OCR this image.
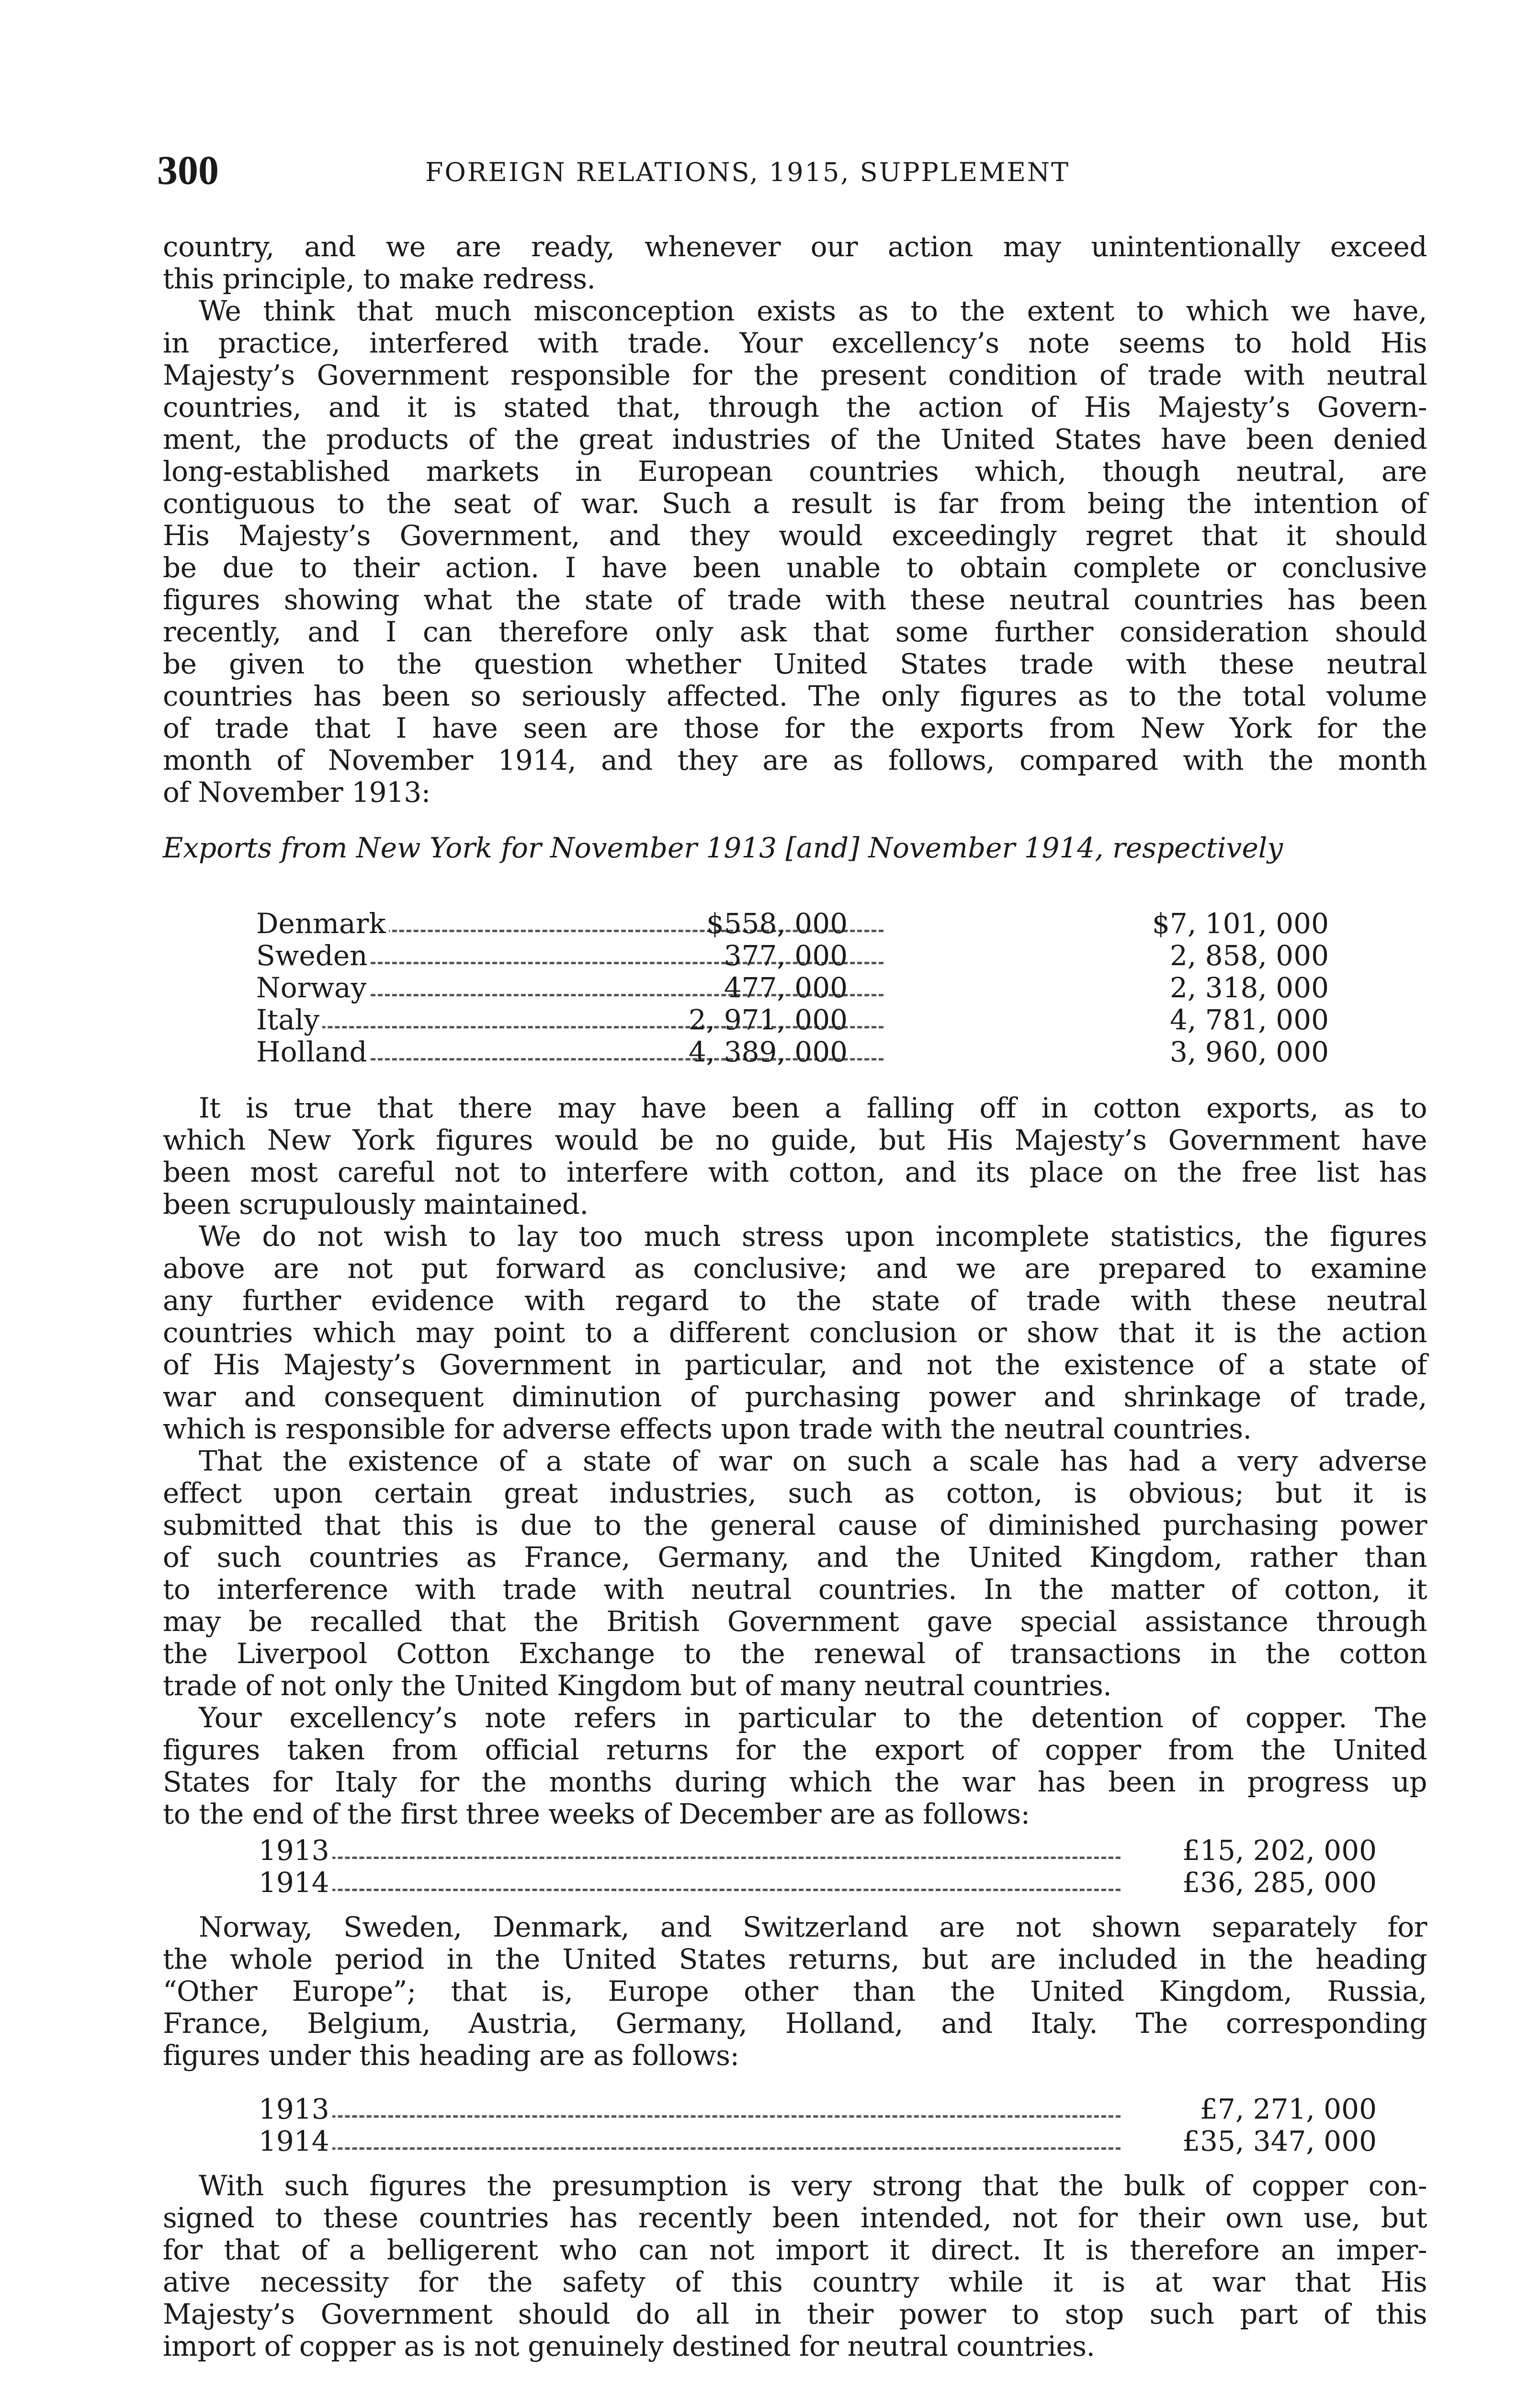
300	FOREIGN RELATIONS, 1915, SUPPLEMENT
country, and we are ready, whenever our action may unintentionally exceed
this principle, to make redress.
We think that much misconception exists as to the extent to which we have,
in practice, interfered with trade. Your excellency’s note seems to hold His
Majesty’s Government responsible for the present condition of trade with neutral
countries, and it is stated that, through the action of His Majesty’s Govern-
ment, the products of the great industries of the United States have been denied
long-established markets in European countries which, though neutral, are
contiguous to the seat of war. Such a result is far from being the intention of
His Majesty’s Government, and they would exceedingly regret that it should
be due to their action. I have been unable to obtain complete or conclusive
figures showing what the state of trade with these neutral countries has been
recently, and I can therefore only ask that some further consideration should
be given to the question whether United States trade with these neutral
countries has been so seriously affected. The only figures as to the total volume
of trade that I have seen are those for the exports from New York for the
month of November 1914, and they are as follows, compared with the month
of November 1913:
Exports from New York for November 1913 [and] November 1914, respectively
Denmark	$558, 000	$7, 101, 000
Sweden	377, 000	2, 858, 000
Norway	477, 000	2, 318, 000
Italy	2, 971, 000	4, 781, 000
Holland	4, 389, 000	3, 960, 000
It is true that there may have been a falling off in cotton exports, as to
which New York figures would be no guide, but His Majesty’s Government have
been most careful not to interfere with cotton, and its place on the free list has
been scrupulously maintained.
We do not wish to lay too much stress upon incomplete statistics, the figures
above are not put forward as conclusive; and we are prepared to examine
any further evidence with regard to the state of trade with these neutral
countries which may point to a different conclusion or show that it is the action
of His Majesty’s Government in particular, and not the existence of a state of
war and consequent diminution of purchasing power and shrinkage of trade,
which is responsible for adverse effects upon trade with the neutral countries.
That the existence of a state of war on such a scale has had a very adverse
effect upon certain great industries, such as cotton, is obvious; but it is
submitted that this is due to the general cause of diminished purchasing power
of such countries as France, Germany, and the United Kingdom, rather than
to interference with trade with neutral countries. In the matter of cotton, it
may be recalled that the British Government gave special assistance through
the Liverpool Cotton Exchange to the renewal of transactions in the cotton
trade of not only the United Kingdom but of many neutral countries.
Your excellency’s note refers in particular to the detention of copper. The
figures taken from official returns for the export of copper from the United
States for Italy for the months during which the war has been in progress up
to the end of the first three weeks of December are as follows:
1913	£15, 202, 000
1914	£36, 285, 000
Norway, Sweden, Denmark, and Switzerland are not shown separately for
the whole period in the United States returns, but are included in the heading
“Other Europe”; that is, Europe other than the United Kingdom, Russia,
France, Belgium, Austria, Germany, Holland, and Italy. The corresponding
figures under this heading are as follows:
1913	£7, 271, 000
1914	£35, 347, 000
With such figures the presumption is very strong that the bulk of copper con-
signed to these countries has recently been intended, not for their own use, but
for that of a belligerent who can not import it direct. It is therefore an imper-
ative necessity for the safety of this country while it is at war that His
Majesty’s Government should do all in their power to stop such part of this
import of copper as is not genuinely destined for neutral countries.
